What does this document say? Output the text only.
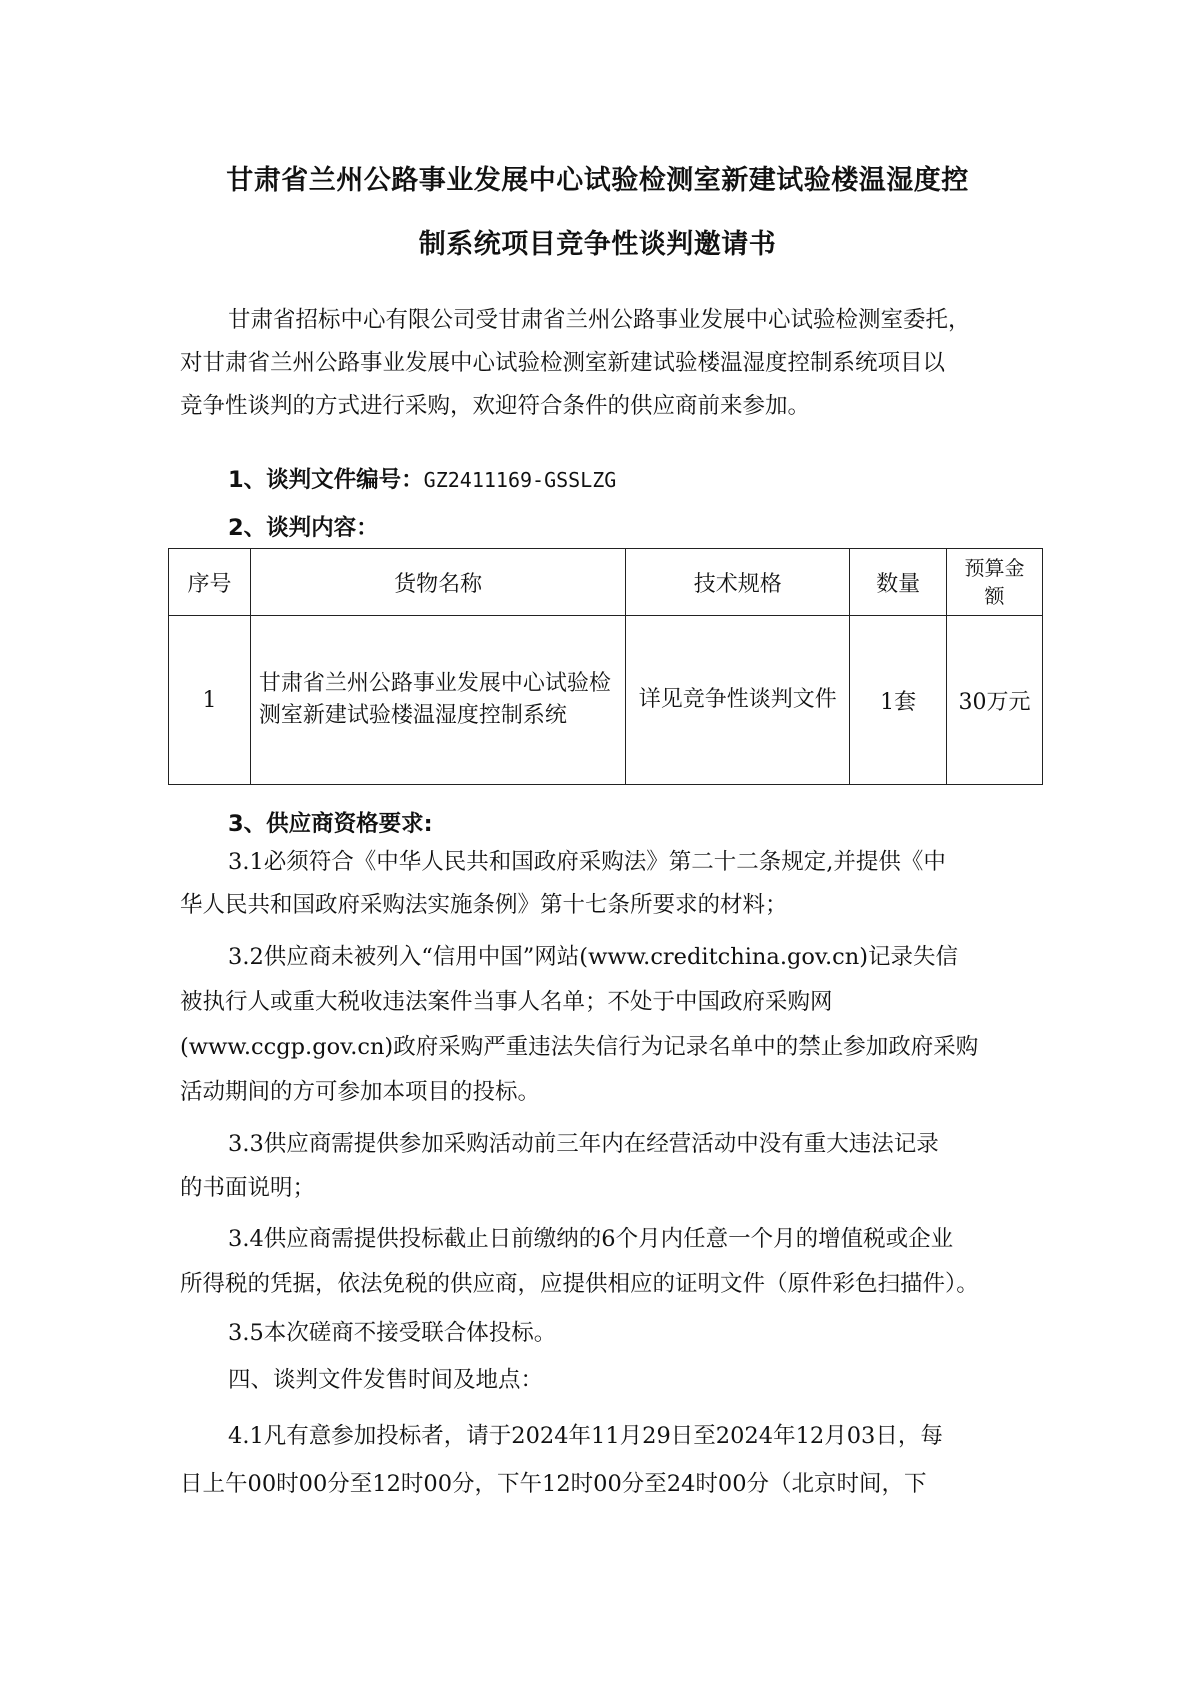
甘肃省兰州公路事业发展中心试验检测室新建试验楼温湿度控
制系统项目竞争性谈判邀请书
甘肃省招标中心有限公司受甘肃省兰州公路事业发展中心试验检测室委托，
对甘肃省兰州公路事业发展中心试验检测室新建试验楼温湿度控制系统项目以
竞争性谈判的方式进行采购，欢迎符合条件的供应商前来参加。
1、谈判文件编号：GZ2411169-GSSLZG
2、谈判内容：
序号	货物名称	技术规格	数量	预算金额
1	甘肃省兰州公路事业发展中心试验检测室新建试验楼温湿度控制系统	详见竞争性谈判文件	1套	30万元
3、供应商资格要求:
3.1必须符合《中华人民共和国政府采购法》第二十二条规定,并提供《中
华人民共和国政府采购法实施条例》第十七条所要求的材料；
3.2供应商未被列入“信用中国”网站(www.creditchina.gov.cn)记录失信
被执行人或重大税收违法案件当事人名单；不处于中国政府采购网
(www.ccgp.gov.cn)政府采购严重违法失信行为记录名单中的禁止参加政府采购
活动期间的方可参加本项目的投标。
3.3供应商需提供参加采购活动前三年内在经营活动中没有重大违法记录
的书面说明；
3.4供应商需提供投标截止日前缴纳的6个月内任意一个月的增值税或企业
所得税的凭据，依法免税的供应商，应提供相应的证明文件（原件彩色扫描件）。
3.5本次磋商不接受联合体投标。
四、谈判文件发售时间及地点：
4.1凡有意参加投标者，请于2024年11月29日至2024年12月03日，每
日上午00时00分至12时00分，下午12时00分至24时00分（北京时间，下
